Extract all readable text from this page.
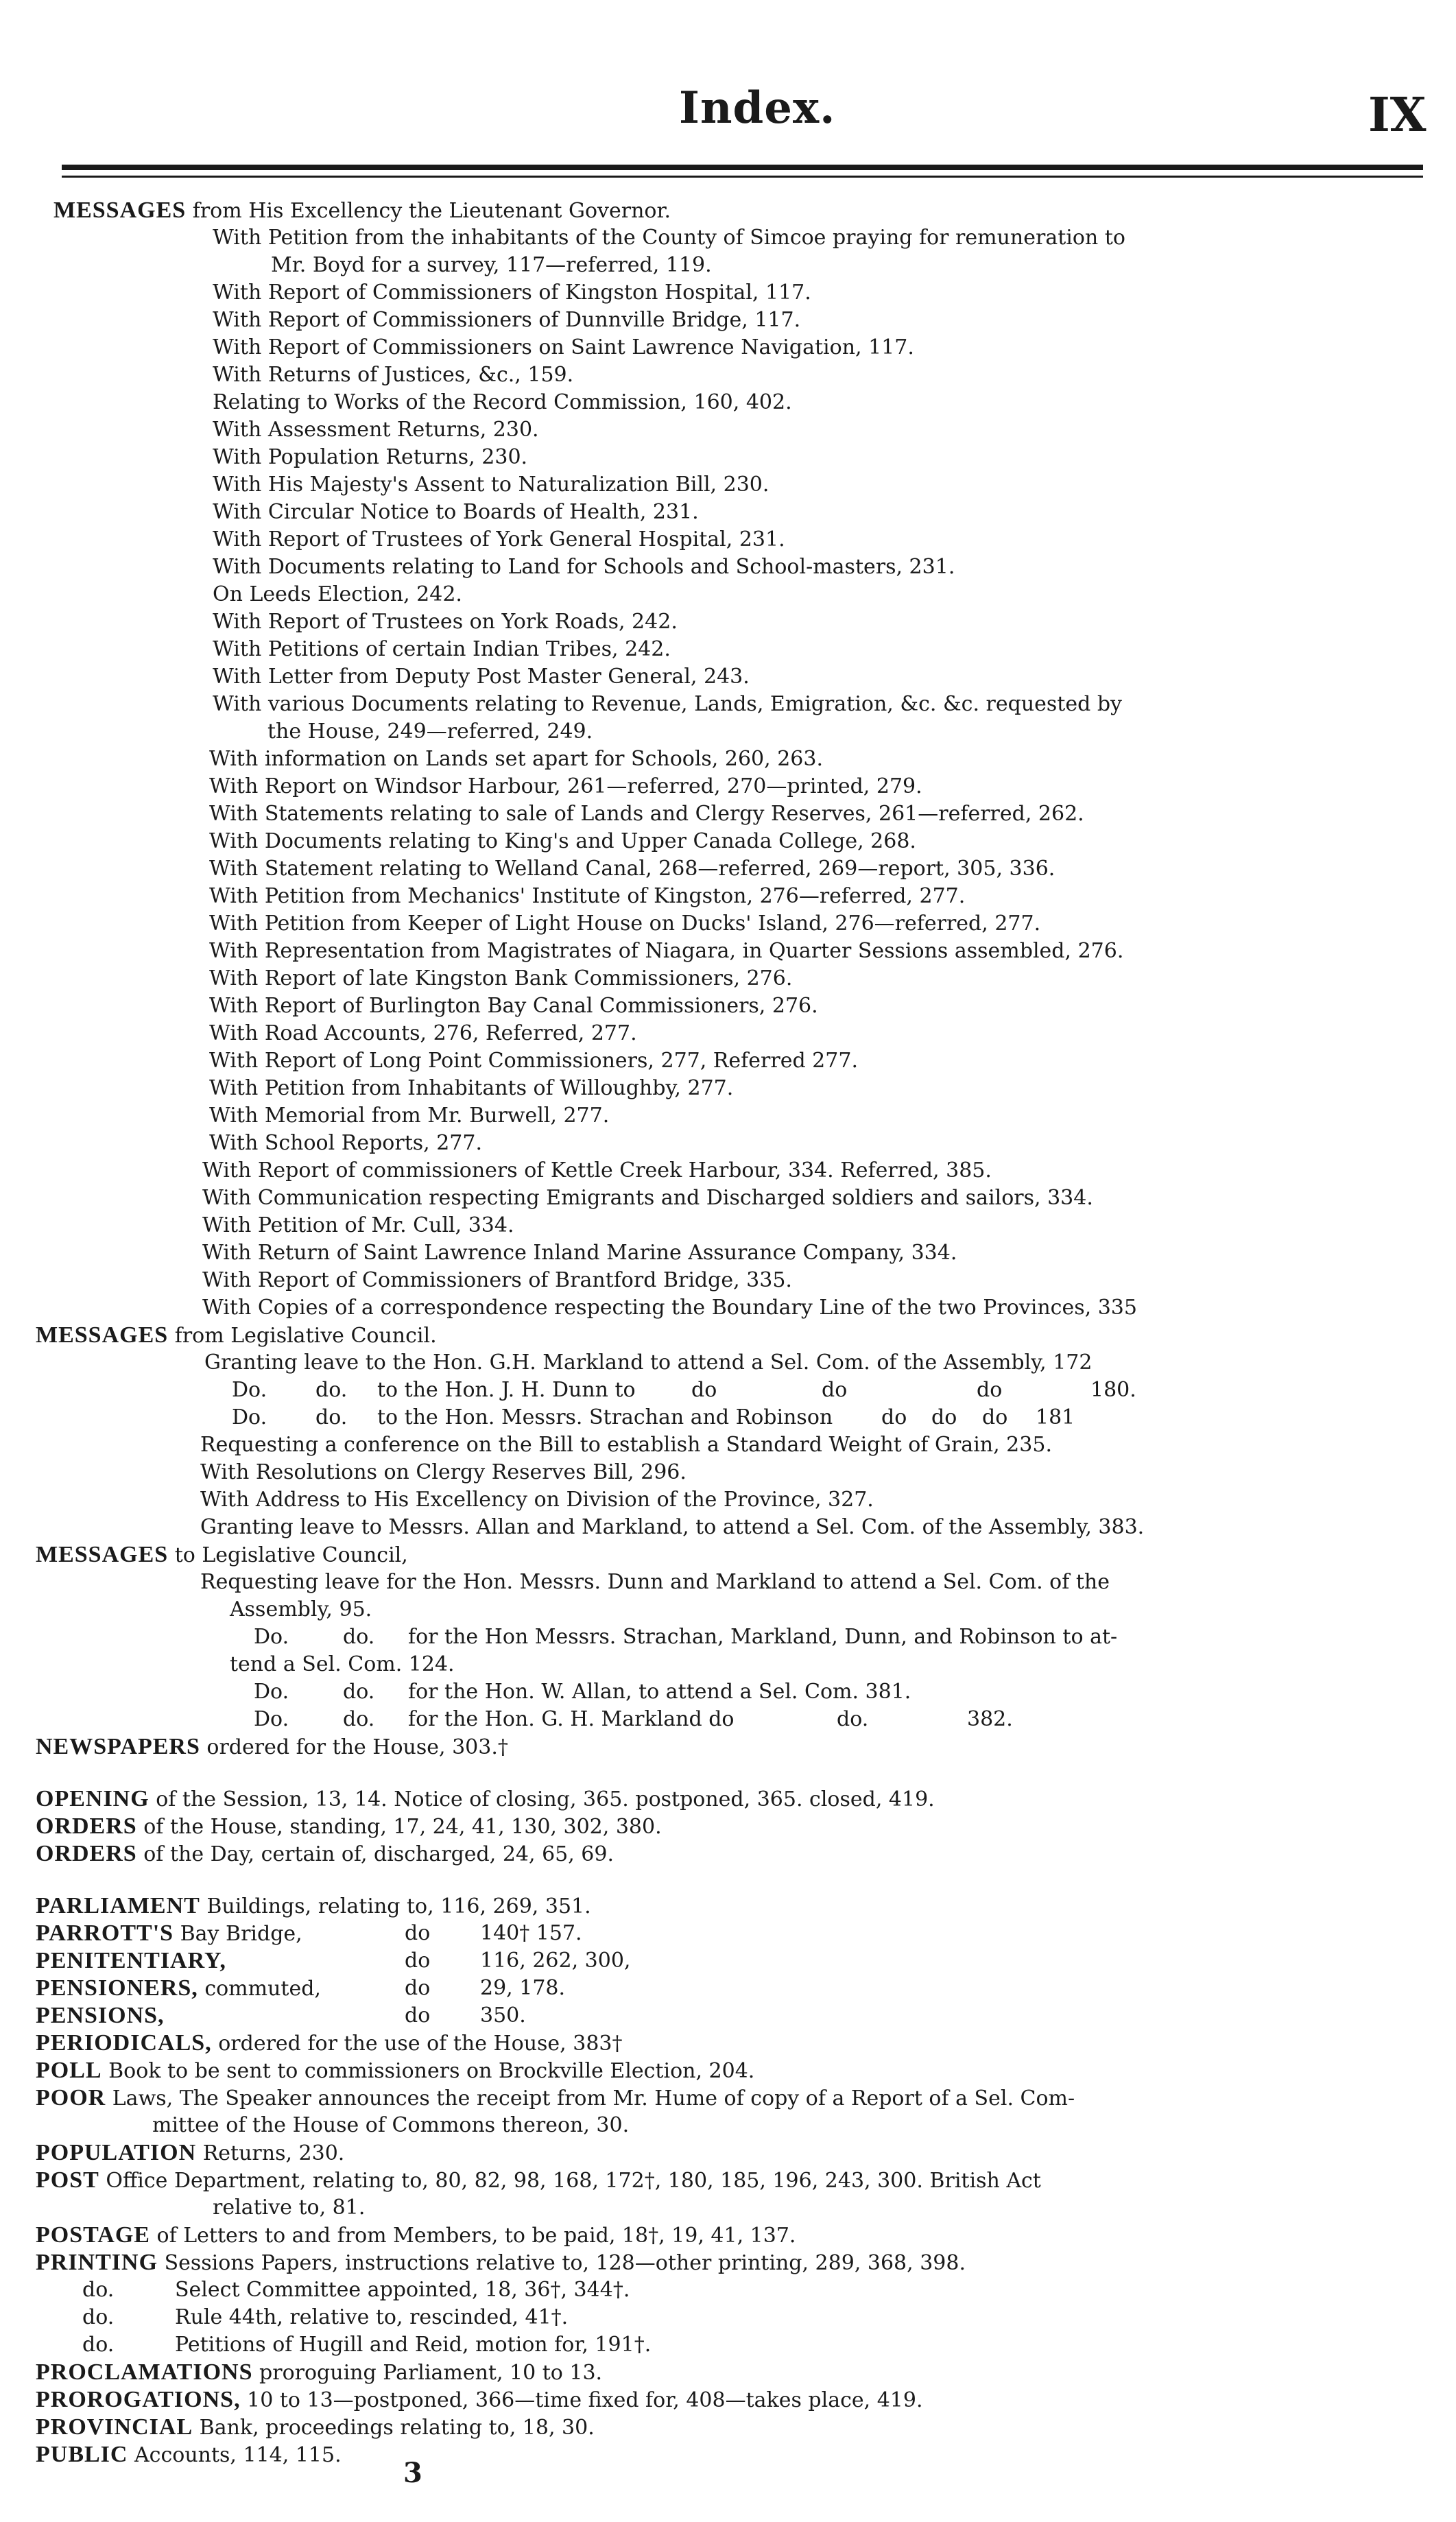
Index.	IX
MESSAGES from His Excellency the Lieutenant Governor.
With Petition from the inhabitants of the County of Simcoe praying for remuneration to
Mr. Boyd for a survey, 117—referred, 119.
With Report of Commissioners of Kingston Hospital, 117.
With Report of Commissioners of Dunnville Bridge, 117.
With Report of Commissioners on Saint Lawrence Navigation, 117.
With Returns of Justices, &c., 159.
Relating to Works of the Record Commission, 160, 402.
With Assessment Returns, 230.
With Population Returns, 230.
With His Majesty's Assent to Naturalization Bill, 230.
With Circular Notice to Boards of Health, 231.
With Report of Trustees of York General Hospital, 231.
With Documents relating to Land for Schools and School-masters, 231.
On Leeds Election, 242.
With Report of Trustees on York Roads, 242.
With Petitions of certain Indian Tribes, 242.
With Letter from Deputy Post Master General, 243.
With various Documents relating to Revenue, Lands, Emigration, &c. &c. requested by
the House, 249—referred, 249.
With information on Lands set apart for Schools, 260, 263.
With Report on Windsor Harbour, 261—referred, 270—printed, 279.
With Statements relating to sale of Lands and Clergy Reserves, 261—referred, 262.
With Documents relating to King's and Upper Canada College, 268.
With Statement relating to Welland Canal, 268—referred, 269—report, 305, 336.
With Petition from Mechanics' Institute of Kingston, 276—referred, 277.
With Petition from Keeper of Light House on Ducks' Island, 276—referred, 277.
With Representation from Magistrates of Niagara, in Quarter Sessions assembled, 276.
With Report of late Kingston Bank Commissioners, 276.
With Report of Burlington Bay Canal Commissioners, 276.
With Road Accounts, 276, Referred, 277.
With Report of Long Point Commissioners, 277, Referred 277.
With Petition from Inhabitants of Willoughby, 277.
With Memorial from Mr. Burwell, 277.
With School Reports, 277.
With Report of commissioners of Kettle Creek Harbour, 334. Referred, 385.
With Communication respecting Emigrants and Discharged soldiers and sailors, 334.
With Petition of Mr. Cull, 334.
With Return of Saint Lawrence Inland Marine Assurance Company, 334.
With Report of Commissioners of Brantford Bridge, 335.
With Copies of a correspondence respecting the Boundary Line of the two Provinces, 335
MESSAGES from Legislative Council.
Granting leave to the Hon. G.H. Markland to attend a Sel. Com. of the Assembly, 172
Do. do. to the Hon. J. H. Dunn to	do	do	do	180.
Do. do. to the Hon. Messrs. Strachan and Robinson do do do 181
Requesting a conference on the Bill to establish a Standard Weight of Grain, 235.
With Resolutions on Clergy Reserves Bill, 296.
With Address to His Excellency on Division of the Province, 327.
Granting leave to Messrs. Allan and Markland, to attend a Sel. Com. of the Assembly, 383.
MESSAGES to Legislative Council,
Requesting leave for the Hon. Messrs. Dunn and Markland to attend a Sel. Com. of the
Assembly, 95.
Do.	do. for the Hon Messrs. Strachan, Markland, Dunn, and Robinson to at-
tend a Sel. Com. 124.
Do.	do. for the Hon. W. Allan, to attend a Sel. Com. 381.
Do.	do. for the Hon. G. H. Markland do	do.	382.
NEWSPAPERS ordered for the House, 303.†
OPENING of the Session, 13, 14. Notice of closing, 365. postponed, 365. closed, 419.
ORDERS of the House, standing, 17, 24, 41, 130, 302, 380.
ORDERS of the Day, certain of, discharged, 24, 65, 69.
PARLIAMENT Buildings, relating to, 116, 269, 351.
PARROTT'S Bay Bridge,	do 140† 157.
PENITENTIARY,	do 116, 262, 300,
PENSIONERS, commuted,	do 29, 178.
PENSIONS,	do 350.
PERIODICALS, ordered for the use of the House, 383†
POLL Book to be sent to commissioners on Brockville Election, 204.
POOR Laws, The Speaker announces the receipt from Mr. Hume of copy of a Report of a Sel. Com-
mittee of the House of Commons thereon, 30.
POPULATION Returns, 230.
POST Office Department, relating to, 80, 82, 98, 168, 172†, 180, 185, 196, 243, 300. British Act
relative to, 81.
POSTAGE of Letters to and from Members, to be paid, 18†, 19, 41, 137.
PRINTING Sessions Papers, instructions relative to, 128—other printing, 289, 368, 398.
do.	Select Committee appointed, 18, 36†, 344†.
do.	Rule 44th, relative to, rescinded, 41†.
do.	Petitions of Hugill and Reid, motion for, 191†.
PROCLAMATIONS proroguing Parliament, 10 to 13.
PROROGATIONS, 10 to 13—postponed, 366—time fixed for, 408—takes place, 419.
PROVINCIAL Bank, proceedings relating to, 18, 30.
PUBLIC Accounts, 114, 115.
3
